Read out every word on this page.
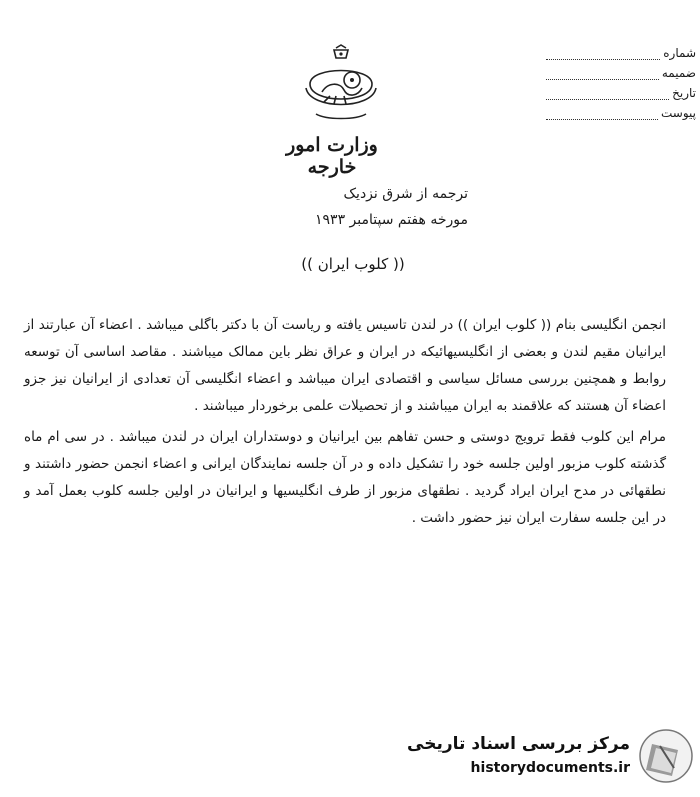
شماره
ضمیمه
تاریخ
پیوست
وزارت امور خارجه
ترجمه از شرق نزدیک
مورخه هفتم سپتامبر ۱۹۳۳
(( کلوب ایران ))

انجمن انگلیسی بنام (( کلوب ایران )) در لندن تاسیس یافته و ریاست آن با دکتر باگلی میباشد . اعضاء آن عبارتند از ایرانیان مقیم لندن و بعضی از انگلیسیهائیکه در ایران و عراق نظر باین ممالک میباشند . مقاصد اساسی آن توسعه روابط و همچنین بررسی مسائل سیاسی و اقتصادی ایران میباشد و اعضاء انگلیسی آن تعدادی از ایرانیان نیز جزو اعضاء آن هستند که علاقمند به ایران میباشند و از تحصیلات علمی برخوردار میباشند .

مرام این کلوب فقط ترویج دوستی و حسن تفاهم بین ایرانیان و دوستداران ایران در لندن میباشد . در سی ام ماه گذشته کلوب مزبور اولین جلسه خود را تشکیل داده و در آن جلسه نمایندگان ایرانی و اعضاء انجمن حضور داشتند و نطقهائی در مدح ایران ایراد گردید . نطقهای مزبور از طرف انگلیسیها و ایرانیان در اولین جلسه کلوب بعمل آمد و در این جلسه سفارت ایران نیز حضور داشت .

مرکز بررسی اسناد تاریخی
historydocuments.ir
